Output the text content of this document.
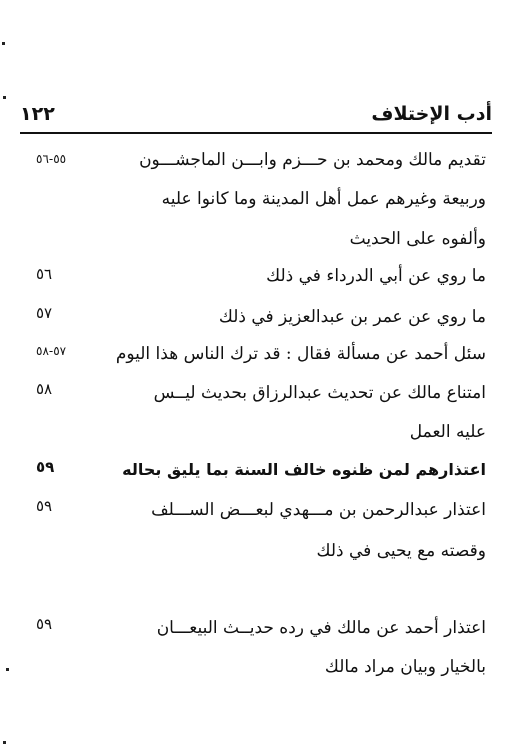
أدب الإختلاف
١٢٢
تقديم مالك ومحمد بن حـــزم وابـــن الماجشـــون
٥٥-٥٦
وربيعة وغيرهم عمل أهل المدينة وما كانوا عليه
وألفوه على الحديث
ما روي عن أبي الدرداء في ذلك
٥٦
ما روي عن عمر بن عبدالعزيز في ذلك
٥٧
سئل أحمد عن مسألة فقال : قد ترك الناس هذا اليوم
٥٧-٥٨
امتناع مالك عن تحديث عبدالرزاق بحديث ليــس
٥٨
عليه العمل
اعتذارهم لمن ظنوه خالف السنة بما يليق بحاله
٥٩
اعتذار عبدالرحمن بن مـــهدي لبعـــض الســـلف
٥٩
وقصته مع يحيى في ذلك
اعتذار أحمد عن مالك في رده حديــث البيعـــان
٥٩
بالخيار وبيان مراد مالك
